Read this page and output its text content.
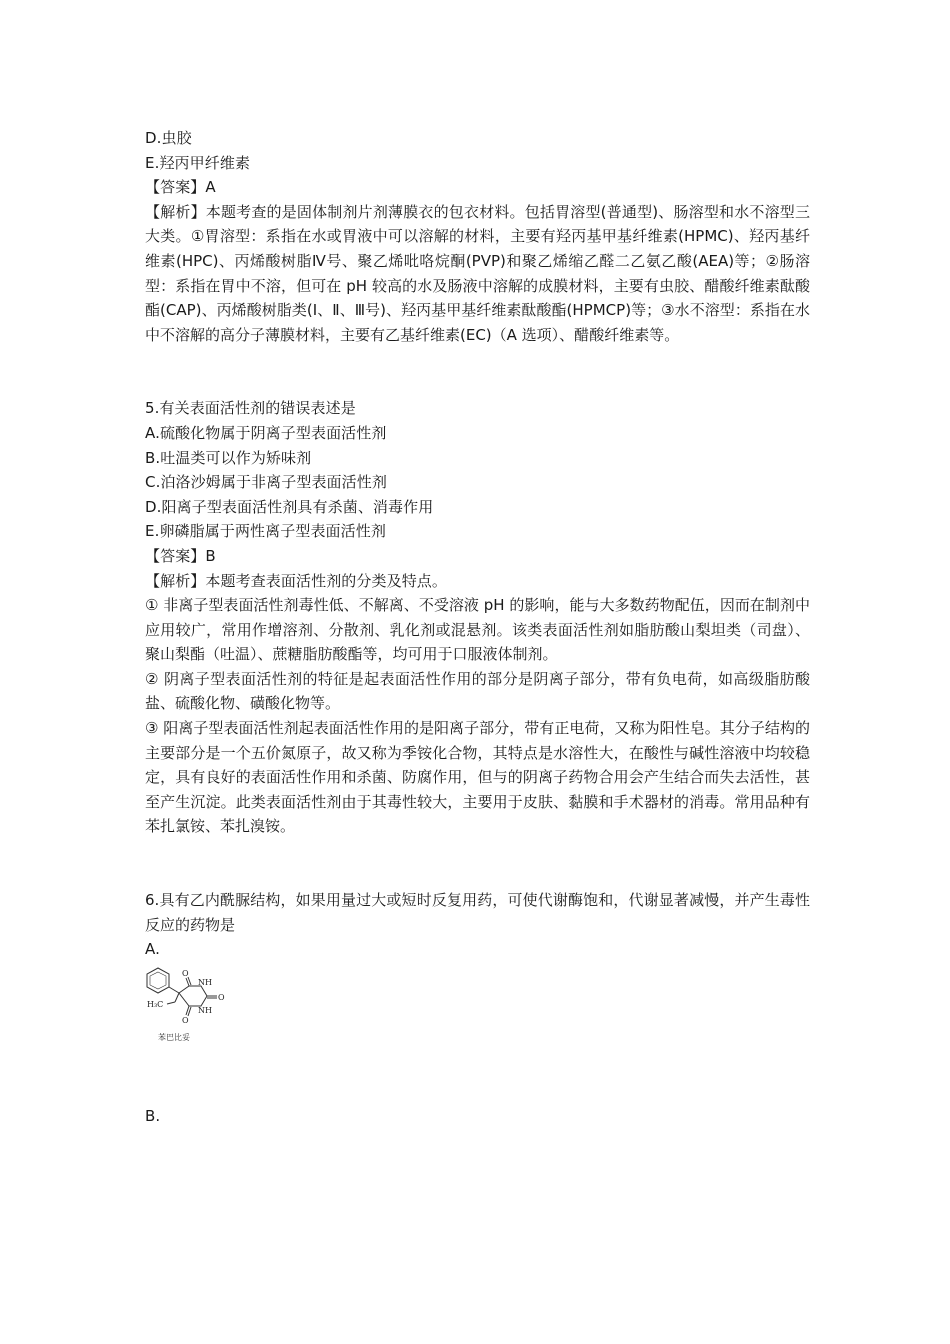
D.虫胶
E.羟丙甲纤维素
【答案】A
【解析】本题考查的是固体制剂片剂薄膜衣的包衣材料。包括胃溶型(普通型)、肠溶型和水不溶型三大类。①胃溶型：系指在水或胃液中可以溶解的材料，主要有羟丙基甲基纤维素(HPMC)、羟丙基纤维素(HPC)、丙烯酸树脂Ⅳ号、聚乙烯吡咯烷酮(PVP)和聚乙烯缩乙醛二乙氨乙酸(AEA)等；②肠溶型：系指在胃中不溶，但可在 pH 较高的水及肠液中溶解的成膜材料，主要有虫胶、醋酸纤维素酞酸酯(CAP)、丙烯酸树脂类(Ⅰ、Ⅱ、Ⅲ号)、羟丙基甲基纤维素酞酸酯(HPMCP)等；③水不溶型：系指在水中不溶解的高分子薄膜材料，主要有乙基纤维素(EC)（A 选项）、醋酸纤维素等。
5.有关表面活性剂的错误表述是
A.硫酸化物属于阴离子型表面活性剂
B.吐温类可以作为矫味剂
C.泊洛沙姆属于非离子型表面活性剂
D.阳离子型表面活性剂具有杀菌、消毒作用
E.卵磷脂属于两性离子型表面活性剂
【答案】B
【解析】本题考查表面活性剂的分类及特点。
① 非离子型表面活性剂毒性低、不解离、不受溶液 pH 的影响，能与大多数药物配伍，因而在制剂中应用较广，常用作增溶剂、分散剂、乳化剂或混悬剂。该类表面活性剂如脂肪酸山梨坦类（司盘）、聚山梨酯（吐温）、蔗糖脂肪酸酯等，均可用于口服液体制剂。
② 阴离子型表面活性剂的特征是起表面活性作用的部分是阴离子部分，带有负电荷，如高级脂肪酸盐、硫酸化物、磺酸化物等。
③ 阳离子型表面活性剂起表面活性作用的是阳离子部分，带有正电荷，又称为阳性皂。其分子结构的主要部分是一个五价氮原子，故又称为季铵化合物，其特点是水溶性大，在酸性与碱性溶液中均较稳定，具有良好的表面活性作用和杀菌、防腐作用，但与的阴离子药物合用会产生结合而失去活性，甚至产生沉淀。此类表面活性剂由于其毒性较大，主要用于皮肤、黏膜和手术器材的消毒。常用品种有苯扎氯铵、苯扎溴铵。
6.具有乙内酰脲结构，如果用量过大或短时反复用药，可使代谢酶饱和，代谢显著减慢，并产生毒性反应的药物是
A.
O
NH
O
NH
O
H₃C
苯巴比妥
B.
